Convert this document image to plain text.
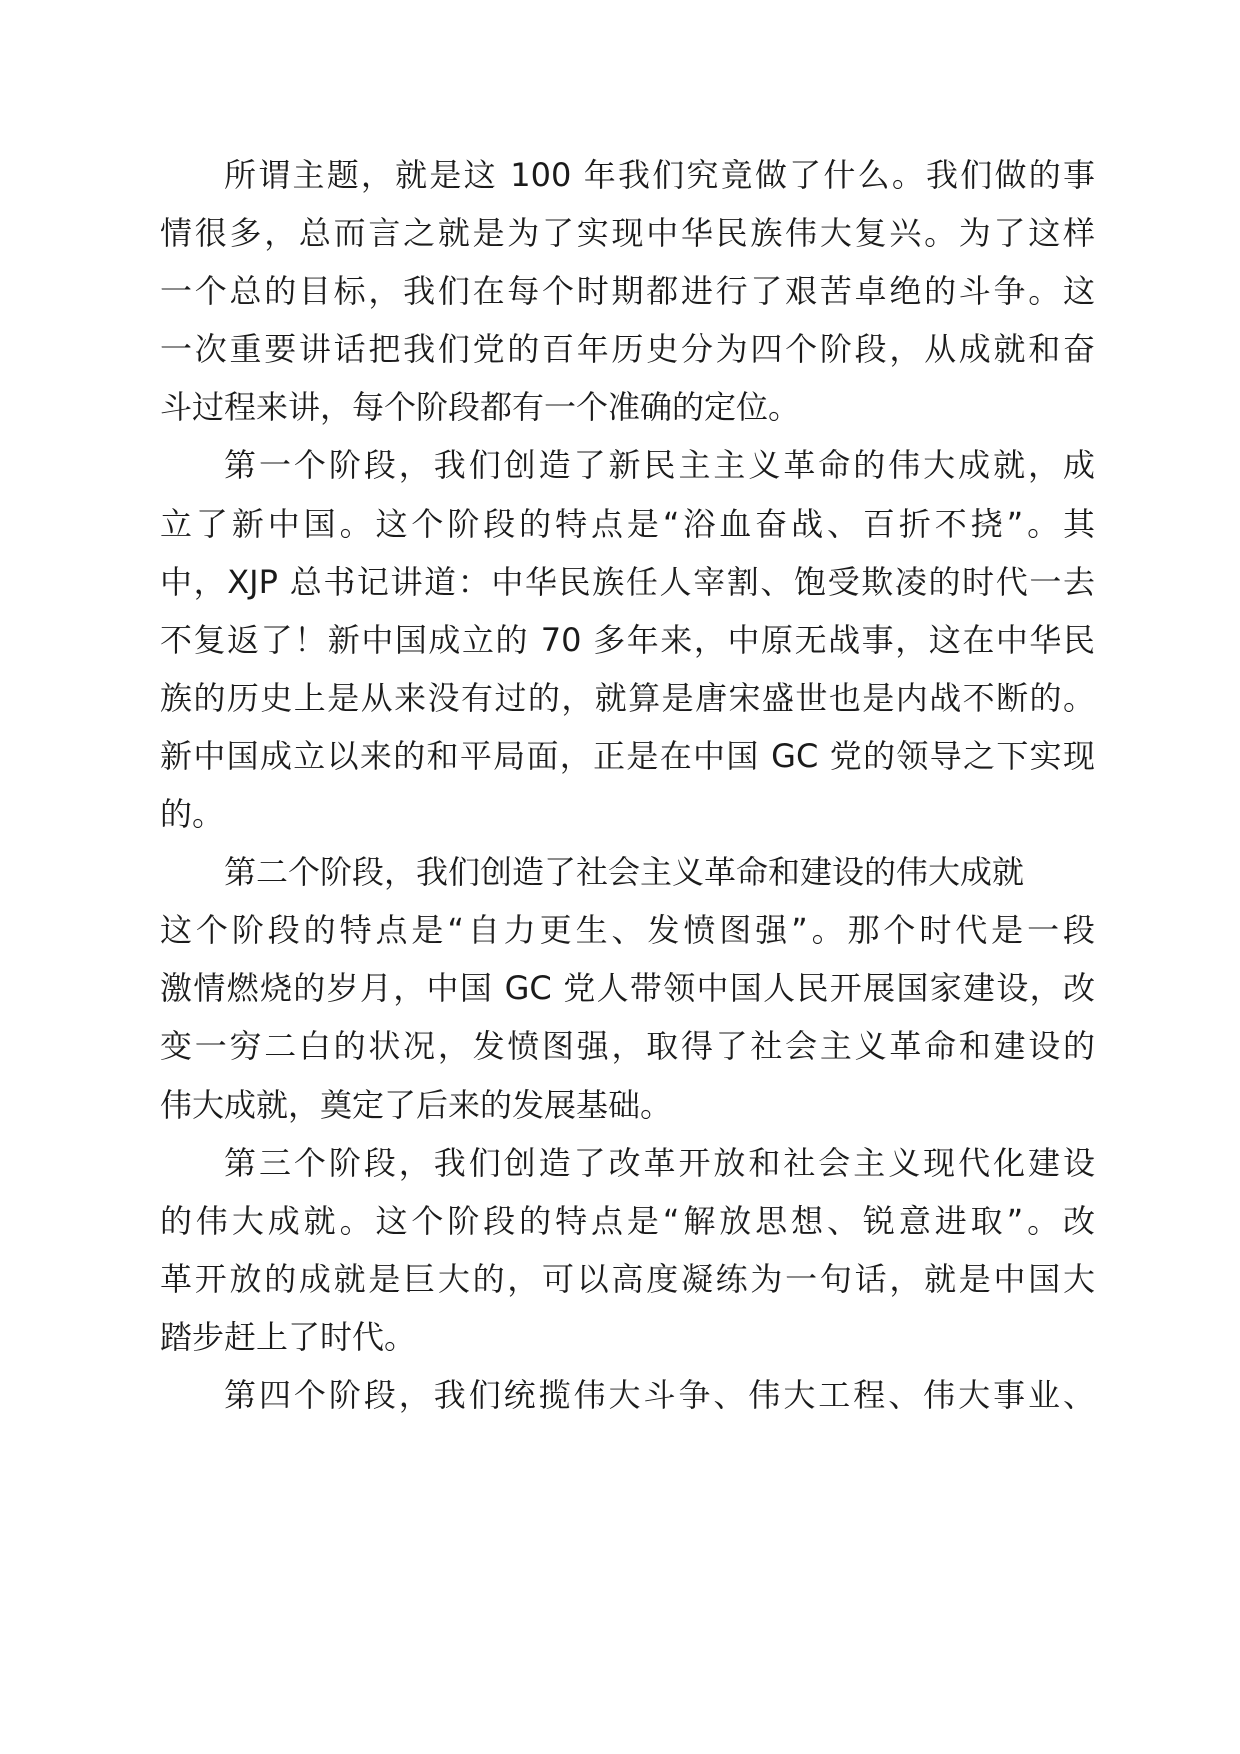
所谓主题，就是这 100 年我们究竟做了什么。我们做的事
情很多，总而言之就是为了实现中华民族伟大复兴。为了这样
一个总的目标，我们在每个时期都进行了艰苦卓绝的斗争。这
一次重要讲话把我们党的百年历史分为四个阶段，从成就和奋
斗过程来讲，每个阶段都有一个准确的定位。
第一个阶段，我们创造了新民主主义革命的伟大成就，成
立了新中国。这个阶段的特点是“浴血奋战、百折不挠”。其
中，XJP 总书记讲道：中华民族任人宰割、饱受欺凌的时代一去
不复返了！新中国成立的 70 多年来，中原无战事，这在中华民
族的历史上是从来没有过的，就算是唐宋盛世也是内战不断的。
新中国成立以来的和平局面，正是在中国 GC 党的领导之下实现
的。
第二个阶段，我们创造了社会主义革命和建设的伟大成就
这个阶段的特点是“自力更生、发愤图强”。那个时代是一段
激情燃烧的岁月，中国 GC 党人带领中国人民开展国家建设，改
变一穷二白的状况，发愤图强，取得了社会主义革命和建设的
伟大成就，奠定了后来的发展基础。
第三个阶段，我们创造了改革开放和社会主义现代化建设
的伟大成就。这个阶段的特点是“解放思想、锐意进取”。改
革开放的成就是巨大的，可以高度凝练为一句话，就是中国大
踏步赶上了时代。
第四个阶段，我们统揽伟大斗争、伟大工程、伟大事业、
